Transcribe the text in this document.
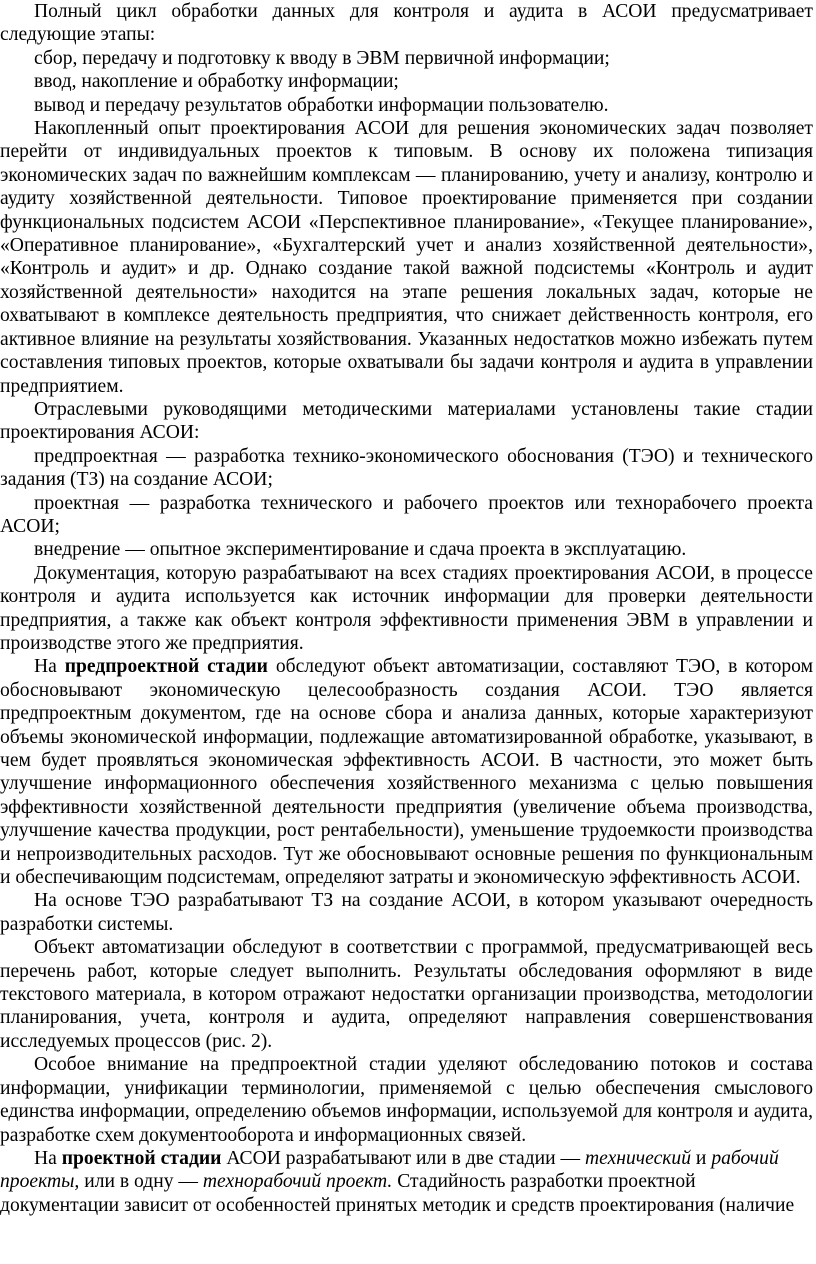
Полный цикл обработки данных для контроля и аудита в АСОИ предусматривает следующие этапы:

сбор, передачу и подготовку к вводу в ЭВМ первичной информации;

ввод, накопление и обработку информации;

вывод и передачу результатов обработки информации пользователю.

Накопленный опыт проектирования АСОИ для решения экономических задач позволяет перейти от индивидуальных проектов к типовым. В основу их положена типизация экономических задач по важнейшим комплексам — планированию, учету и анализу, контролю и аудиту хозяйственной деятельности. Типовое проектирование применяется при создании функциональных подсистем АСОИ «Перспективное планирование», «Текущее планирование», «Оперативное планирование», «Бухгалтерский учет и анализ хозяйственной деятельности», «Контроль и аудит» и др. Однако создание такой важной подсистемы «Контроль и аудит хозяйственной деятельности» находится на этапе решения локальных задач, которые не охватывают в комплексе деятельность предприятия, что снижает действенность контроля, его активное влияние на результаты хозяйствования. Указанных недостатков можно избежать путем составления типовых проектов, которые охватывали бы задачи контроля и аудита в управлении предприятием.

Отраслевыми руководящими методическими материалами установлены такие стадии проектирования АСОИ:

предпроектная — разработка технико-экономического обоснования (ТЭО) и технического задания (ТЗ) на создание АСОИ;

проектная — разработка технического и рабочего проектов или технорабочего проекта АСОИ;

внедрение — опытное экспериментирование и сдача проекта в эксплуатацию.

Документация, которую разрабатывают на всех стадиях проектирования АСОИ, в процессе контроля и аудита используется как источник информации для проверки деятельности предприятия, а также как объект контроля эффективности применения ЭВМ в управлении и производстве этого же предприятия.

На предпроектной стадии обследуют объект автоматизации, составляют ТЭО, в котором обосновывают экономическую целесообразность создания АСОИ. ТЭО является предпроектным документом, где на основе сбора и анализа данных, которые характеризуют объемы экономической информации, подлежащие автоматизированной обработке, указывают, в чем будет проявляться экономическая эффективность АСОИ. В частности, это может быть улучшение информационного обеспечения хозяйственного механизма с целью повышения эффективности хозяйственной деятельности предприятия (увеличение объема производства, улучшение качества продукции, рост рентабельности), уменьшение трудоемкости производства и непроизводительных расходов. Тут же обосновывают основные решения по функциональным и обеспечивающим подсистемам, определяют затраты и экономическую эффективность АСОИ.

На основе ТЭО разрабатывают ТЗ на создание АСОИ, в котором указывают очередность разработки системы.

Объект автоматизации обследуют в соответствии с программой, предусматривающей весь перечень работ, которые следует выполнить. Результаты обследования оформляют в виде текстового материала, в котором отражают недостатки организации производства, методологии планирования, учета, контроля и аудита, определяют направления совершенствования исследуемых процессов (рис. 2).

Особое внимание на предпроектной стадии уделяют обследованию потоков и состава информации, унификации терминологии, применяемой с целью обеспечения смыслового единства информации, определению объемов информации, используемой для контроля и аудита, разработке схем документооборота и информационных связей.

На проектной стадии АСОИ разрабатывают или в две стадии — технический и рабочий проекты, или в одну — технорабочий проект. Стадийность разработки проектной документации зависит от особенностей принятых методик и средств проектирования (наличие
